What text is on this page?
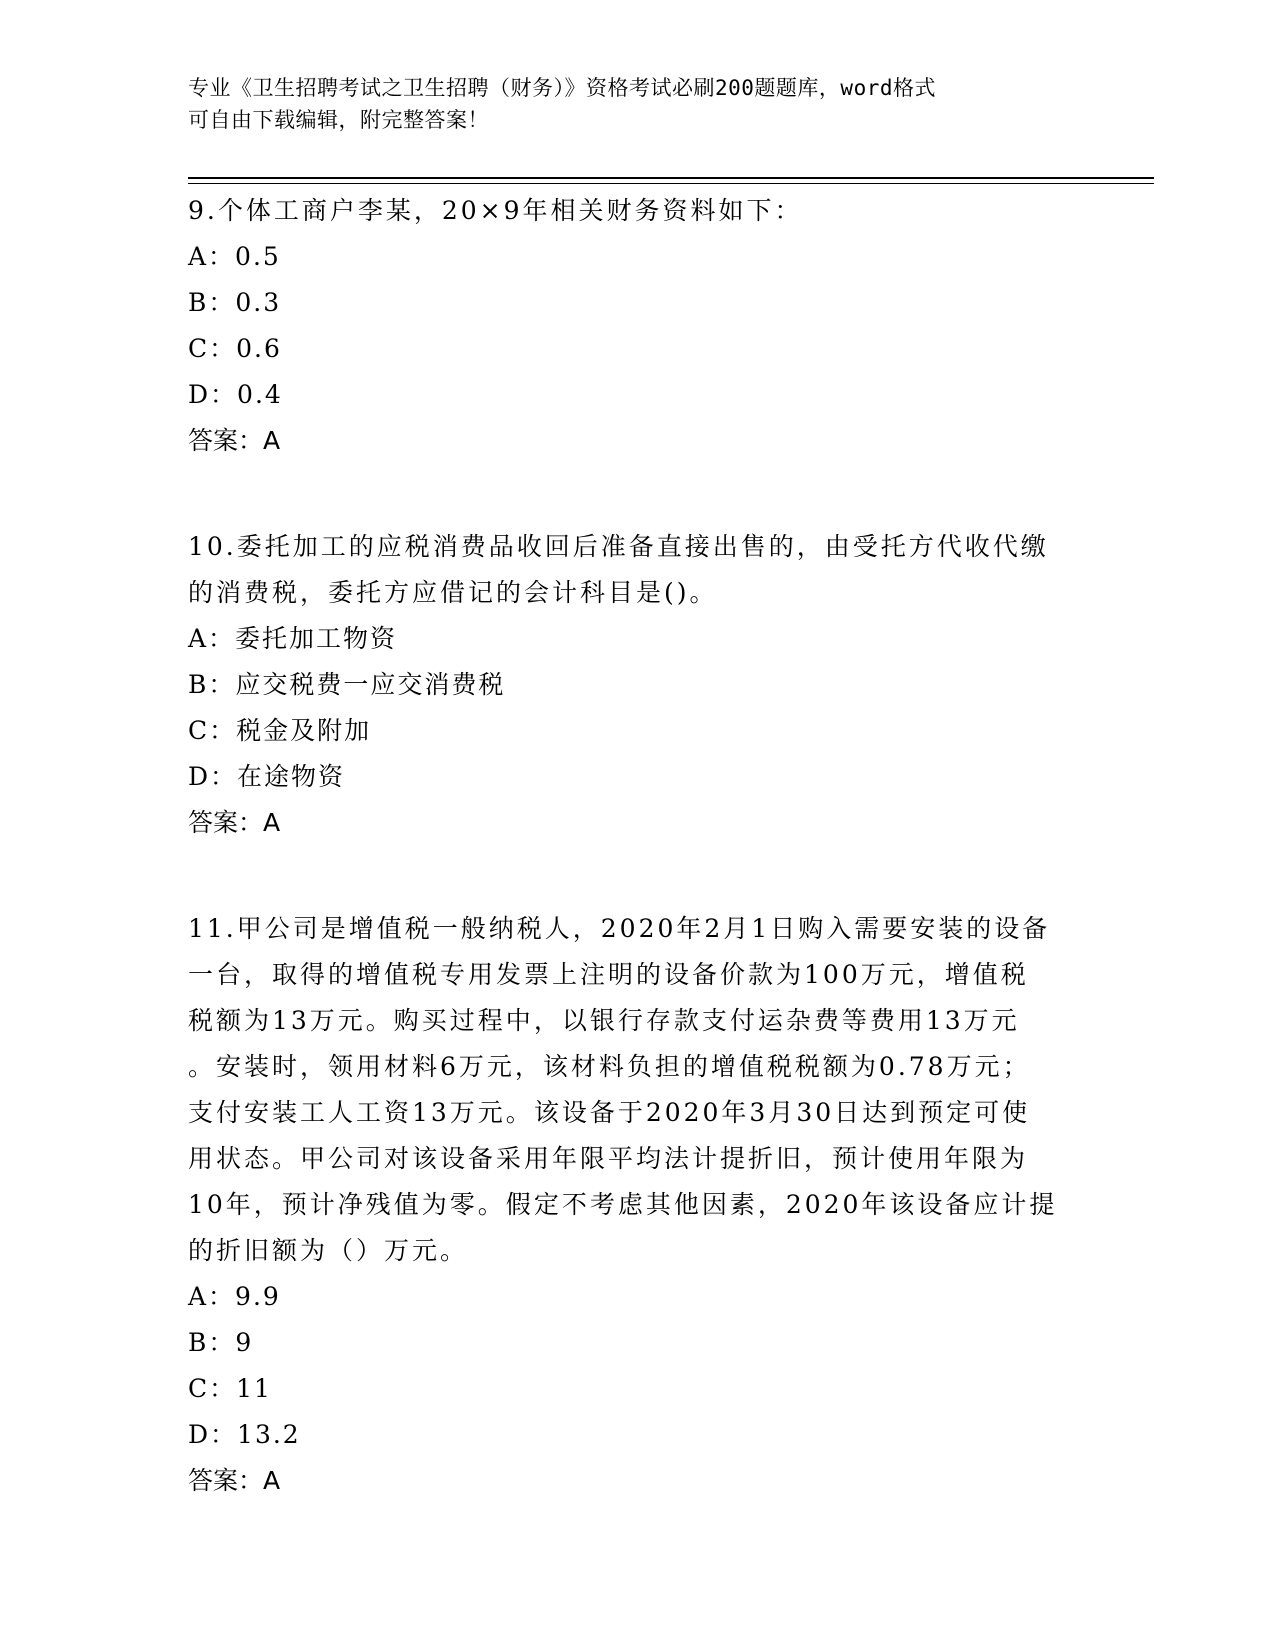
专业《卫生招聘考试之卫生招聘（财务）》资格考试必刷200题题库，word格式
可自由下载编辑，附完整答案！
9.个体工商户李某，20×9年相关财务资料如下：
A：0.5
B：0.3
C：0.6
D：0.4
答案：A
10.委托加工的应税消费品收回后准备直接出售的，由受托方代收代缴
的消费税，委托方应借记的会计科目是()。
A：委托加工物资
B：应交税费一应交消费税
C：税金及附加
D：在途物资
答案：A
11.甲公司是增值税一般纳税人，2020年2月1日购入需要安装的设备
一台，取得的增值税专用发票上注明的设备价款为100万元，增值税
税额为13万元。购买过程中，以银行存款支付运杂费等费用13万元
。安装时，领用材料6万元，该材料负担的增值税税额为0.78万元；
支付安装工人工资13万元。该设备于2020年3月30日达到预定可使
用状态。甲公司对该设备采用年限平均法计提折旧，预计使用年限为
10年，预计净残值为零。假定不考虑其他因素，2020年该设备应计提
的折旧额为（）万元。
A：9.9
B：9
C：11
D：13.2
答案：A
